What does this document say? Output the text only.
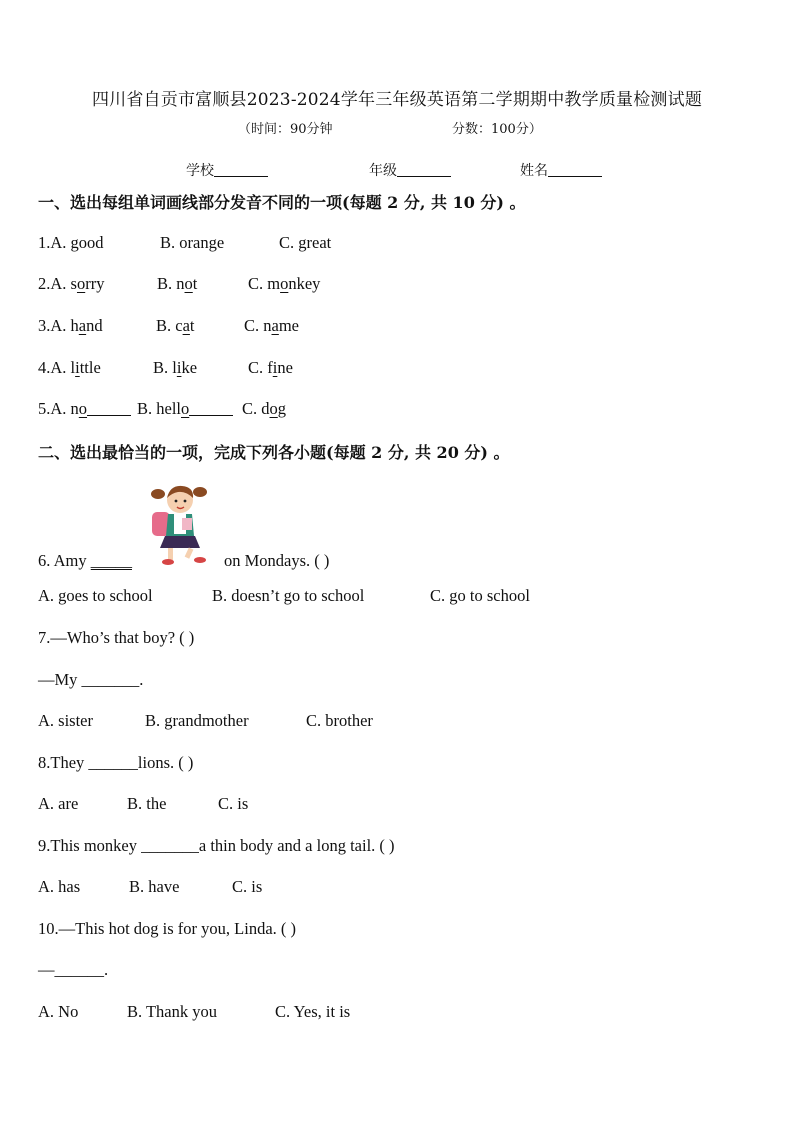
四川省自贡市富顺县2023-2024学年三年级英语第二学期期中教学质量检测试题
（时间：90分钟	分数：100分）
学校	年级	姓名
一、选出每组单词画线部分发音不同的一项(每题 2 分, 共 10 分) 。
1.A. good	B. orange	C. great
2.A. sorry	B. not	C. monkey
3.A. hand	B. cat	C. name
4.A. little	B. like	C. fine
5.A. no	B. hello	C. dog
二、选出最恰当的一项，完成下列各小题(每题 2 分, 共 20 分) 。
6. Amy _____	on Mondays. ( )
A. goes to school	B. doesn’t go to school	C. go to school
7.—Who’s that boy? ( )
—My _______.
A. sister	B. grandmother	C. brother
8.They ______lions. ( )
A. are	B. the	C. is
9.This monkey _______a thin body and a long tail. ( )
A. has	B. have	C. is
10.—This hot dog is for you, Linda. ( )
—______.
A. No	B. Thank you	C. Yes, it is
